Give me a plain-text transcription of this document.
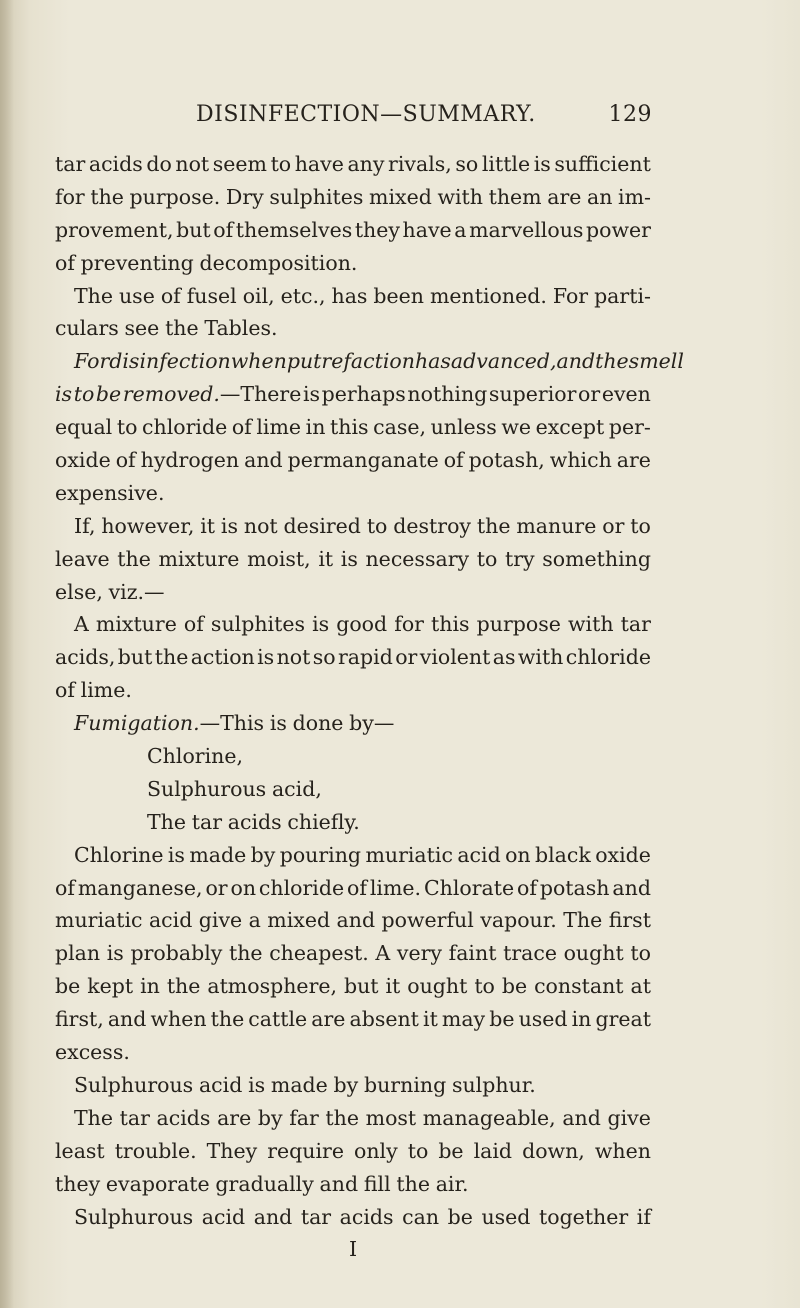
DISINFECTION—SUMMARY.	129
tar acids do not seem to have any rivals, so little is sufficient
for the purpose. Dry sulphites mixed with them are an im-
provement, but of themselves they have a marvellous power
of preventing decomposition.
The use of fusel oil, etc., has been mentioned. For parti-
culars see the Tables.
For disinfection when putrefaction has advanced, and the smell
is to be removed.—There is perhaps nothing superior or even
equal to chloride of lime in this case, unless we except per-
oxide of hydrogen and permanganate of potash, which are
expensive.
If, however, it is not desired to destroy the manure or to
leave the mixture moist, it is necessary to try something
else, viz.—
A mixture of sulphites is good for this purpose with tar
acids, but the action is not so rapid or violent as with chloride
of lime.
Fumigation.—This is done by—
Chlorine,
Sulphurous acid,
The tar acids chiefly.
Chlorine is made by pouring muriatic acid on black oxide
of manganese, or on chloride of lime. Chlorate of potash and
muriatic acid give a mixed and powerful vapour. The first
plan is probably the cheapest. A very faint trace ought to
be kept in the atmosphere, but it ought to be constant at
first, and when the cattle are absent it may be used in great
excess.
Sulphurous acid is made by burning sulphur.
The tar acids are by far the most manageable, and give
least trouble. They require only to be laid down, when
they evaporate gradually and fill the air.
Sulphurous acid and tar acids can be used together if
I
